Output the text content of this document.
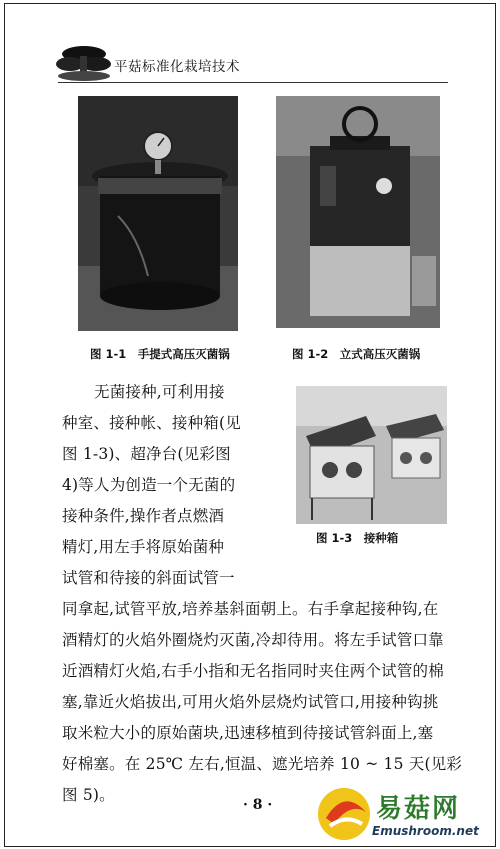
平菇标准化栽培技术
图 1-1　手提式高压灭菌锅	图 1-2　立式高压灭菌锅
图 1-3　接种箱
无菌接种,可利用接
种室、接种帐、接种箱(见
图 1-3)、超净台(见彩图
4)等人为创造一个无菌的
接种条件,操作者点燃酒
精灯,用左手将原始菌种
试管和待接的斜面试管一
同拿起,试管平放,培养基斜面朝上。右手拿起接种钩,在
酒精灯的火焰外圈烧灼灭菌,冷却待用。将左手试管口靠
近酒精灯火焰,右手小指和无名指同时夹住两个试管的棉
塞,靠近火焰拔出,可用火焰外层烧灼试管口,用接种钩挑
取米粒大小的原始菌块,迅速移植到待接试管斜面上,塞
好棉塞。在 25℃ 左右,恒温、遮光培养 10 ~ 15 天(见彩
图 5)。
· 8 ·	易菇网
Emushroom.net
